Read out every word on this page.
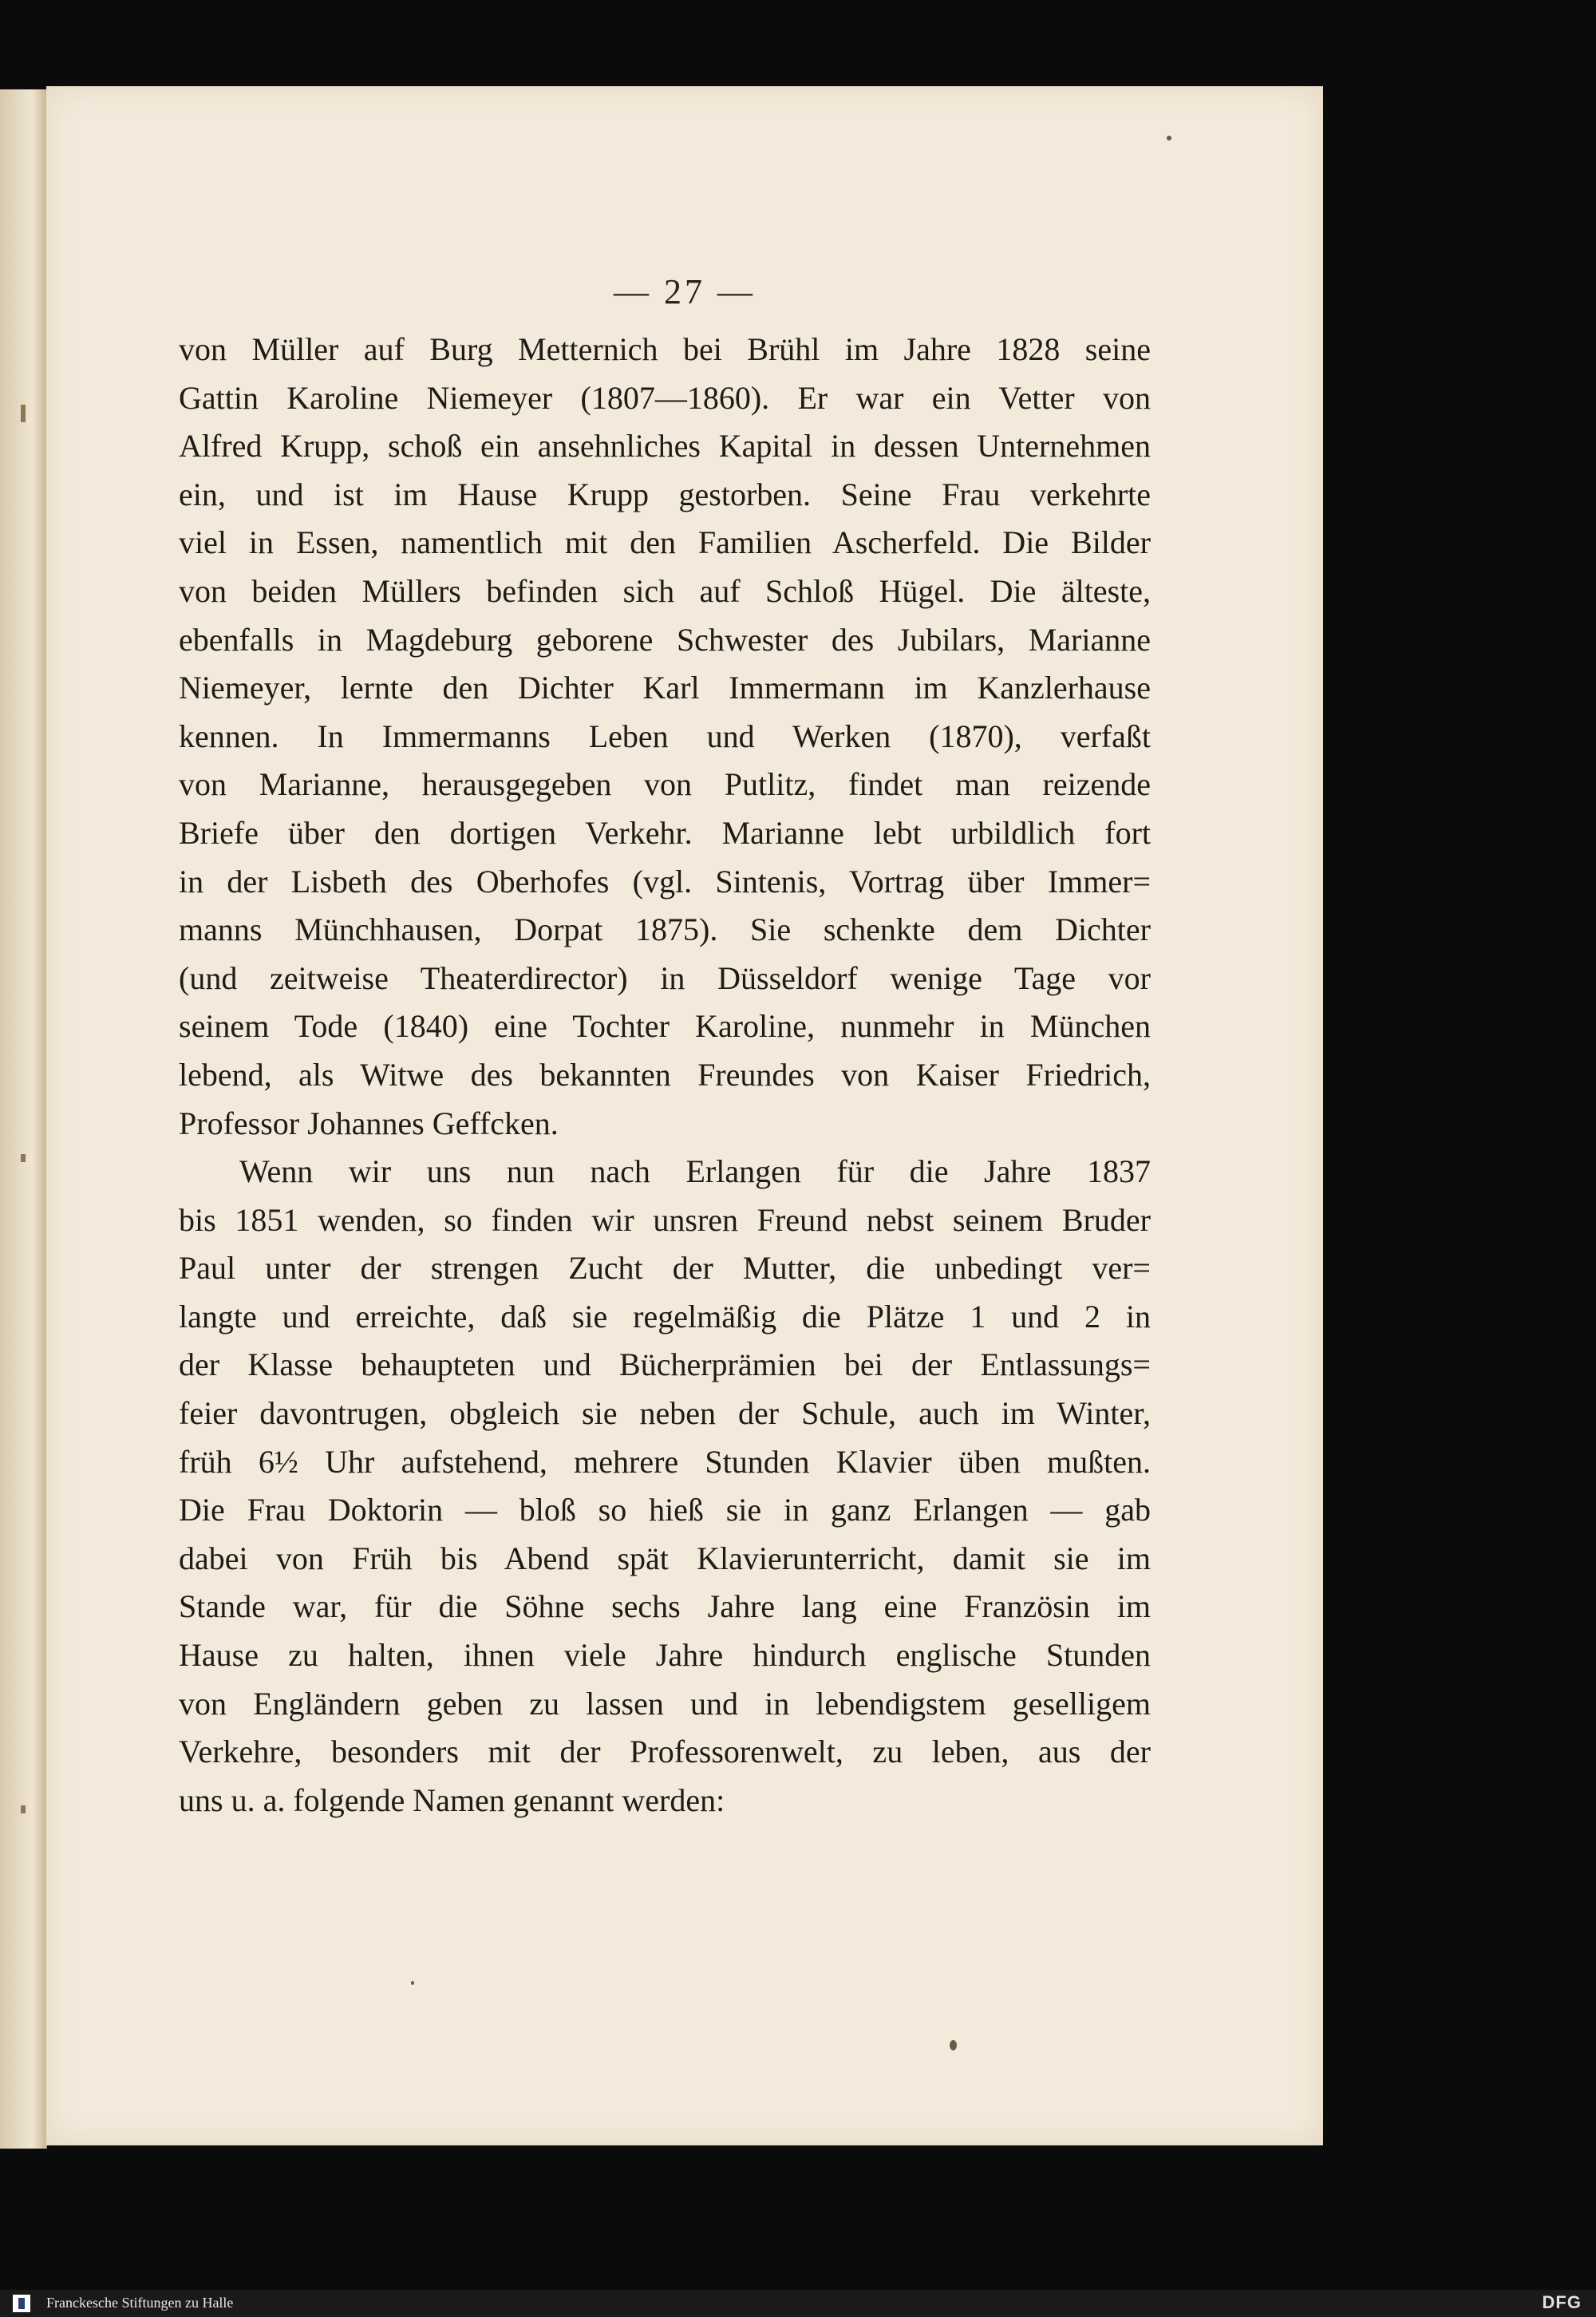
— 27 —
von Müller auf Burg Metternich bei Brühl im Jahre 1828 seine
Gattin Karoline Niemeyer (1807—1860). Er war ein Vetter von
Alfred Krupp, schoß ein ansehnliches Kapital in dessen Unternehmen
ein, und ist im Hause Krupp gestorben. Seine Frau verkehrte
viel in Essen, namentlich mit den Familien Ascherfeld. Die Bilder
von beiden Müllers befinden sich auf Schloß Hügel. Die älteste,
ebenfalls in Magdeburg geborene Schwester des Jubilars, Marianne
Niemeyer, lernte den Dichter Karl Immermann im Kanzlerhause
kennen. In Immermanns Leben und Werken (1870), verfaßt
von Marianne, herausgegeben von Putlitz, findet man reizende
Briefe über den dortigen Verkehr. Marianne lebt urbildlich fort
in der Lisbeth des Oberhofes (vgl. Sintenis, Vortrag über Immer=
manns Münchhausen, Dorpat 1875). Sie schenkte dem Dichter
(und zeitweise Theaterdirector) in Düsseldorf wenige Tage vor
seinem Tode (1840) eine Tochter Karoline, nunmehr in München
lebend, als Witwe des bekannten Freundes von Kaiser Friedrich,
Professor Johannes Geffcken.
Wenn wir uns nun nach Erlangen für die Jahre 1837
bis 1851 wenden, so finden wir unsren Freund nebst seinem Bruder
Paul unter der strengen Zucht der Mutter, die unbedingt ver=
langte und erreichte, daß sie regelmäßig die Plätze 1 und 2 in
der Klasse behaupteten und Bücherprämien bei der Entlassungs=
feier davontrugen, obgleich sie neben der Schule, auch im Winter,
früh 6½ Uhr aufstehend, mehrere Stunden Klavier üben mußten.
Die Frau Doktorin — bloß so hieß sie in ganz Erlangen — gab
dabei von Früh bis Abend spät Klavierunterricht, damit sie im
Stande war, für die Söhne sechs Jahre lang eine Französin im
Hause zu halten, ihnen viele Jahre hindurch englische Stunden
von Engländern geben zu lassen und in lebendigstem geselligem
Verkehre, besonders mit der Professorenwelt, zu leben, aus der
uns u. a. folgende Namen genannt werden:
Franckesche Stiftungen zu Halle	DFG
